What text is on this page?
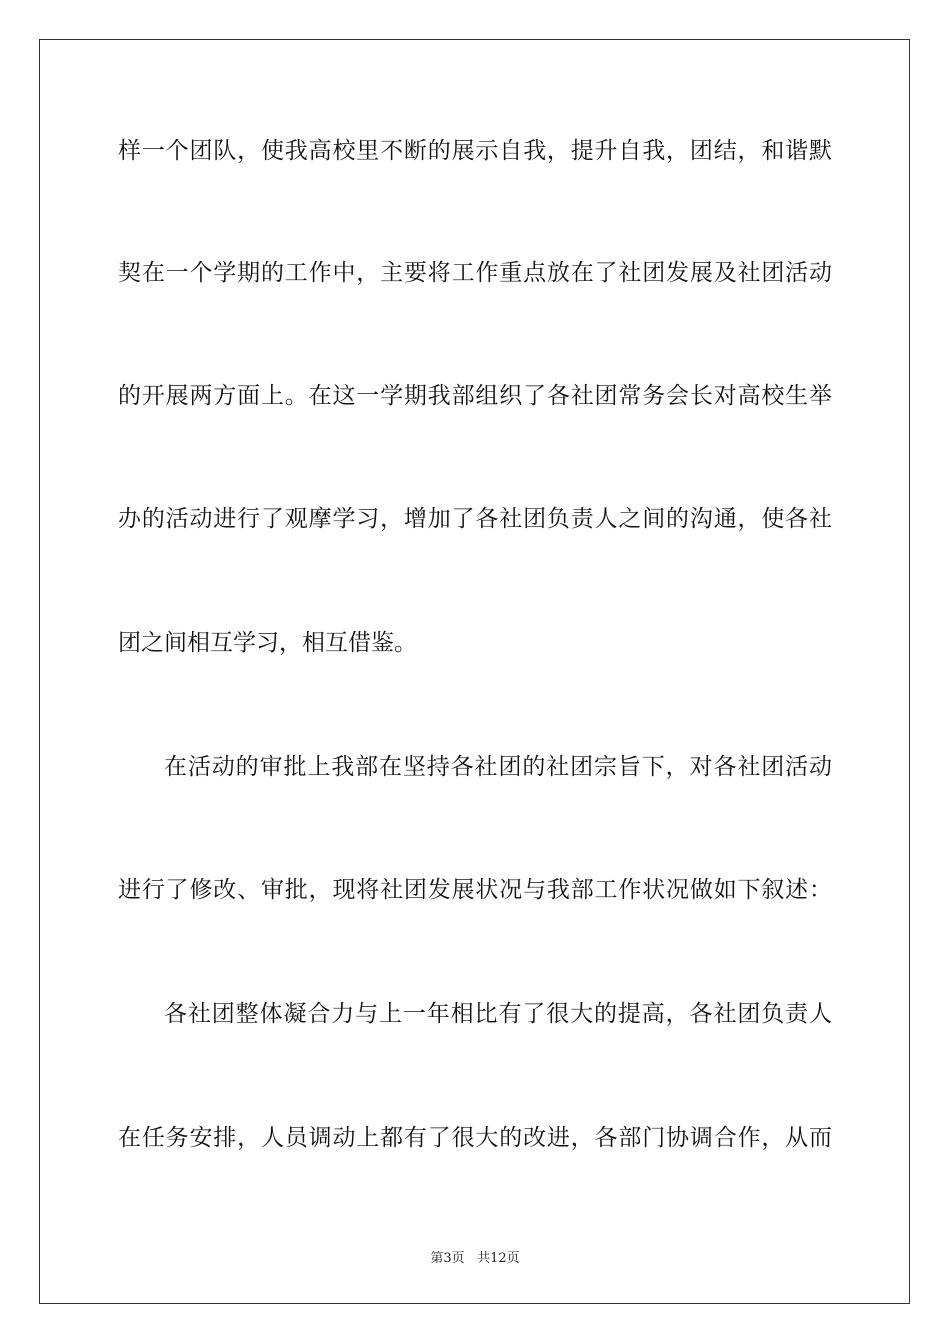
样一个团队，使我高校里不断的展示自我，提升自我，团结，和谐默
契在一个学期的工作中，主要将工作重点放在了社团发展及社团活动
的开展两方面上。在这一学期我部组织了各社团常务会长对高校生举
办的活动进行了观摩学习，增加了各社团负责人之间的沟通，使各社
团之间相互学习，相互借鉴。
在活动的审批上我部在坚持各社团的社团宗旨下，对各社团活动
进行了修改、审批，现将社团发展状况与我部工作状况做如下叙述：
各社团整体凝合力与上一年相比有了很大的提高，各社团负责人
在任务安排，人员调动上都有了很大的改进，各部门协调合作，从而
第3页 共12页
